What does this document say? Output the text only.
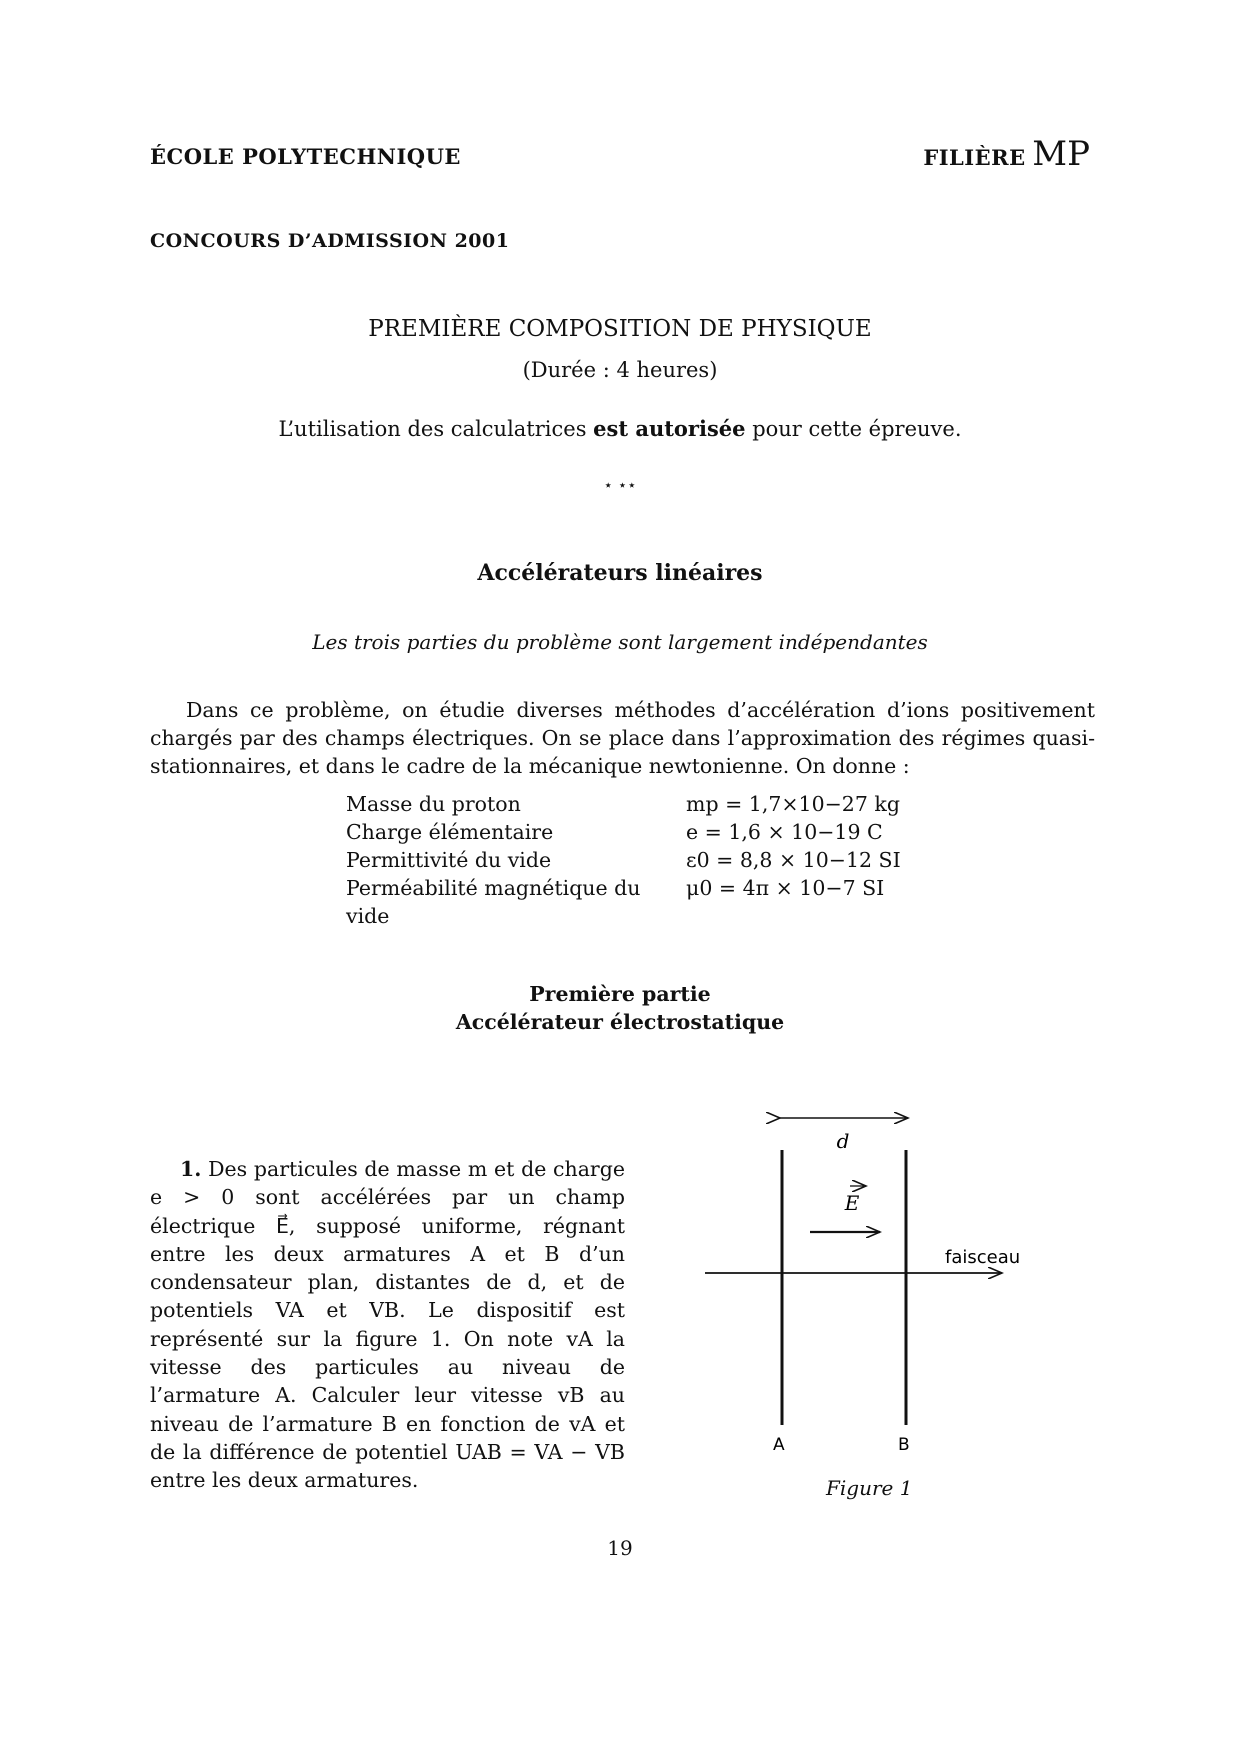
ÉCOLE POLYTECHNIQUE	FILIÈRE MP
CONCOURS D’ADMISSION 2001
PREMIÈRE COMPOSITION DE PHYSIQUE
(Durée : 4 heures)
L’utilisation des calculatrices est autorisée pour cette épreuve.
⋆ ⋆⋆
Accélérateurs linéaires
Les trois parties du problème sont largement indépendantes
Dans ce problème, on étudie diverses méthodes d’accélération d’ions positivement chargés par des champs électriques. On se place dans l’approximation des régimes quasi-stationnaires, et dans le cadre de la mécanique newtonienne. On donne :
Masse du proton	mp = 1,7×10−27 kg
Charge élémentaire	e = 1,6 × 10−19 C
Permittivité du vide	ε0 = 8,8 × 10−12 SI
Perméabilité magnétique du vide	μ0 = 4π × 10−7 SI
Première partie
Accélérateur électrostatique
1. Des particules de masse m et de charge e > 0 sont accélérées par un champ électrique E⃗, supposé uniforme, régnant entre les deux armatures A et B d’un condensateur plan, distantes de d, et de potentiels VA et VB. Le dispositif est représenté sur la figure 1. On note vA la vitesse des particules au niveau de l’armature A. Calculer leur vitesse vB au niveau de l’armature B en fonction de vA et de la différence de potentiel UAB = VA − VB entre les deux armatures.
d
E
faisceau
A	B
Figure 1
19
